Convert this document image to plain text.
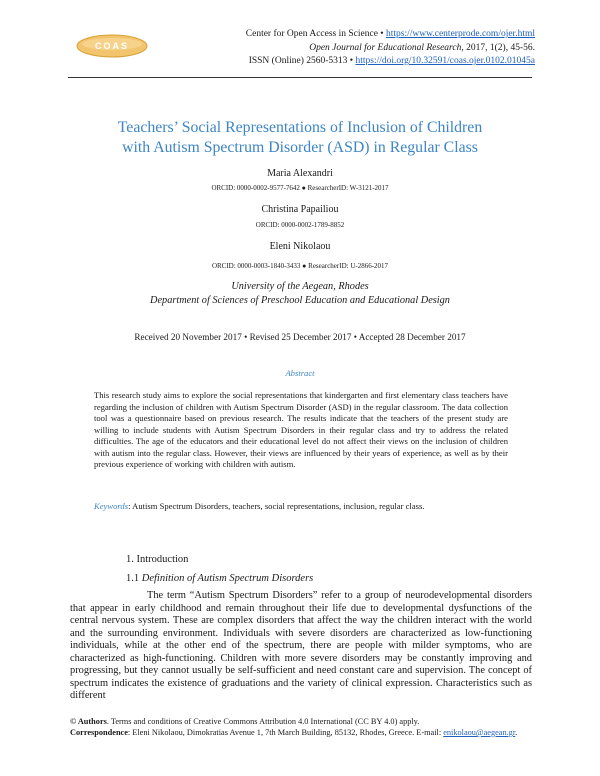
COAS
Center for Open Access in Science • https://www.centerprode.com/ojer.html
Open Journal for Educational Research, 2017, 1(2), 45-56.
ISSN (Online) 2560-5313 • https://doi.org/10.32591/coas.ojer.0102.01045a
Teachers’ Social Representations of Inclusion of Children
with Autism Spectrum Disorder (ASD) in Regular Class
Maria Alexandri
ORCID: 0000-0002-9577-7642 ● ResearcherID: W-3121-2017
Christina Papailiou
ORCID: 0000-0002-1789-8852
Eleni Nikolaou
ORCID: 0000-0003-1840-3433 ● ResearcherID: U-2866-2017
University of the Aegean, Rhodes
Department of Sciences of Preschool Education and Educational Design
Received 20 November 2017 • Revised 25 December 2017 • Accepted 28 December 2017
Abstract
This research study aims to explore the social representations that kindergarten and first elementary class teachers have regarding the inclusion of children with Autism Spectrum Disorder (ASD) in the regular classroom. The data collection tool was a questionnaire based on previous research. The results indicate that the teachers of the present study are willing to include students with Autism Spectrum Disorders in their regular class and try to address the related difficulties. The age of the educators and their educational level do not affect their views on the inclusion of children with autism into the regular class. However, their views are influenced by their years of experience, as well as by their previous experience of working with children with autism.
Keywords: Autism Spectrum Disorders, teachers, social representations, inclusion, regular class.
1. Introduction
1.1 Definition of Autism Spectrum Disorders

The term “Autism Spectrum Disorders” refer to a group of neurodevelopmental disorders that appear in early childhood and remain throughout their life due to developmental dysfunctions of the central nervous system. These are complex disorders that affect the way the children interact with the world and the surrounding environment. Individuals with severe disorders are characterized as low-functioning individuals, while at the other end of the spectrum, there are people with milder symptoms, who are characterized as high-functioning. Children with more severe disorders may be constantly improving and progressing, but they cannot usually be self-sufficient and need constant care and supervision. The concept of spectrum indicates the existence of graduations and the variety of clinical expression. Characteristics such as different

© Authors. Terms and conditions of Creative Commons Attribution 4.0 International (CC BY 4.0) apply.
Correspondence: Eleni Nikolaou, Dimokratias Avenue 1, 7th March Building, 85132, Rhodes, Greece. E-mail: enikolaou@aegean.gr.
